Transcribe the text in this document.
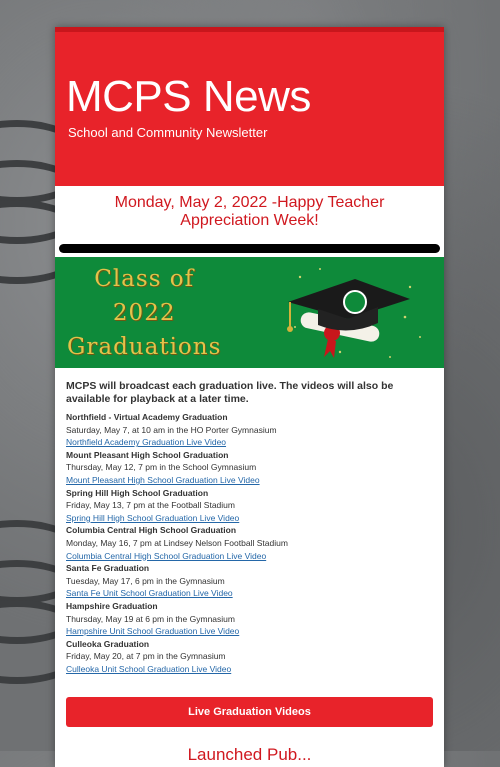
MCPS News
School and Community Newsletter
Monday, May 2, 2022 -Happy Teacher Appreciation Week!
Class of
2022
Graduations
MCPS will broadcast each graduation live. The videos will also be available for playback at a later time.
Northfield - Virtual Academy Graduation
Saturday, May 7, at 10 am in the HO Porter Gymnasium
Northfield Academy Graduation Live Video
Mount Pleasant High School Graduation
Thursday, May 12, 7 pm in the School Gymnasium
Mount Pleasant High School Graduation Live Video
Spring Hill High School Graduation
Friday, May 13, 7 pm at the Football Stadium
Spring Hill High School Graduation Live Video
Columbia Central High School Graduation
Monday, May 16, 7 pm at Lindsey Nelson Football Stadium
Columbia Central High School Graduation Live Video
Santa Fe Graduation
Tuesday, May 17, 6 pm in the Gymnasium
Santa Fe Unit School Graduation Live Video
Hampshire Graduation
Thursday, May 19 at 6 pm in the Gymnasium
Hampshire Unit School Graduation Live Video
Culleoka Graduation
Friday, May 20, at 7 pm in the Gymnasium
Culleoka Unit School Graduation Live Video
Live Graduation Videos
Launched Pub...
